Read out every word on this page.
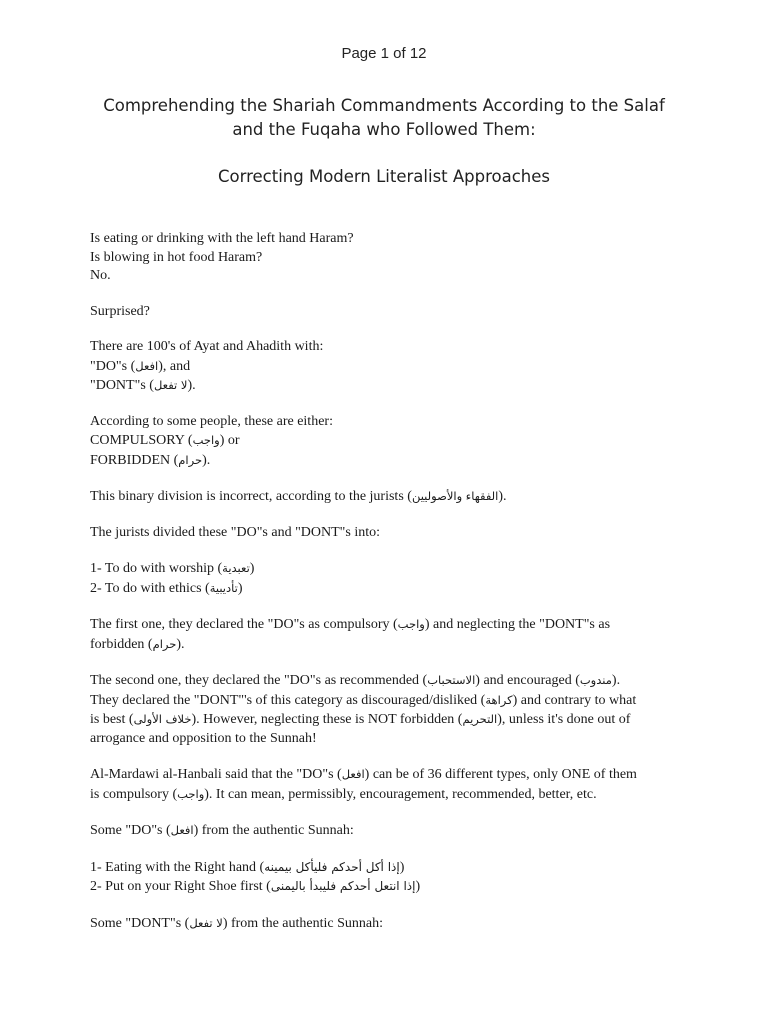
Page 1 of 12
Comprehending the Shariah Commandments According to the Salaf
and the Fuqaha who Followed Them:
Correcting Modern Literalist Approaches
Is eating or drinking with the left hand Haram?
Is blowing in hot food Haram?
No.
Surprised?
There are 100's of Ayat and Ahadith with:
"DO"s (افعل), and
"DONT"s (لا تفعل).
According to some people, these are either:
COMPULSORY (واجب) or
FORBIDDEN (حرام).
This binary division is incorrect, according to the jurists (الفقهاء والأصوليين).
The jurists divided these "DO"s and "DONT"s into:
1- To do with worship (تعبدية)
2- To do with ethics (تأديبية)
The first one, they declared the "DO"s as compulsory (واجب) and neglecting the "DONT"s as
forbidden (حرام).
The second one, they declared the "DO"s as recommended (الاستحباب) and encouraged (مندوب).
They declared the "DONT"'s of this category as discouraged/disliked (كراهة) and contrary to what
is best (خلاف الأولى). However, neglecting these is NOT forbidden (التحريم), unless it's done out of
arrogance and opposition to the Sunnah!
Al-Mardawi al-Hanbali said that the "DO"s (افعل) can be of 36 different types, only ONE of them
is compulsory (واجب). It can mean, permissibly, encouragement, recommended, better, etc.
Some "DO"s (افعل) from the authentic Sunnah:
1- Eating with the Right hand (إذا أكل أحدكم فليأكل بيمينه)
2- Put on your Right Shoe first (إذا انتعل أحدكم فليبدأ باليمنى)
Some "DONT"s (لا تفعل) from the authentic Sunnah:
